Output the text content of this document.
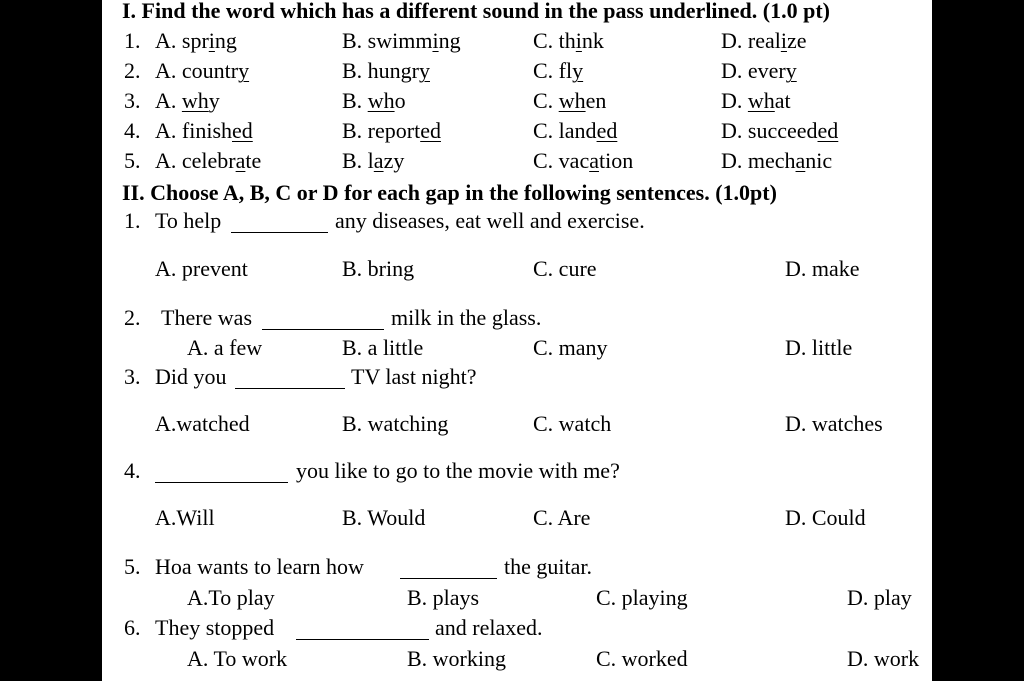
I. Find the word which has a different sound in the pass underlined. (1.0 pt)
1. A. spring	B. swimming	C. think	D. realize
2. A. country	B. hungry	C. fly	D. every
3. A. why	B. who	C. when	D. what
4. A. finished	B. reported	C. landed	D. succeeded
5. A. celebrate	B. lazy	C. vacation	D. mechanic
II. Choose A, B, C or D for each gap in the following sentences. (1.0pt)
1. To help	any diseases, eat well and exercise.
A. prevent	B. bring	C. cure	D. make
2. There was	milk in the glass.
A. a few	B. a little	C. many	D. little
3. Did you	TV last night?
A.watched	B. watching	C. watch	D. watches
4.	you like to go to the movie with me?
A.Will	B. Would	C. Are	D. Could
5. Hoa wants to learn how	the guitar.
A.To play	B. plays	C. playing	D. play
6. They stopped	and relaxed.
A. To work	B. working	C. worked	D. work
